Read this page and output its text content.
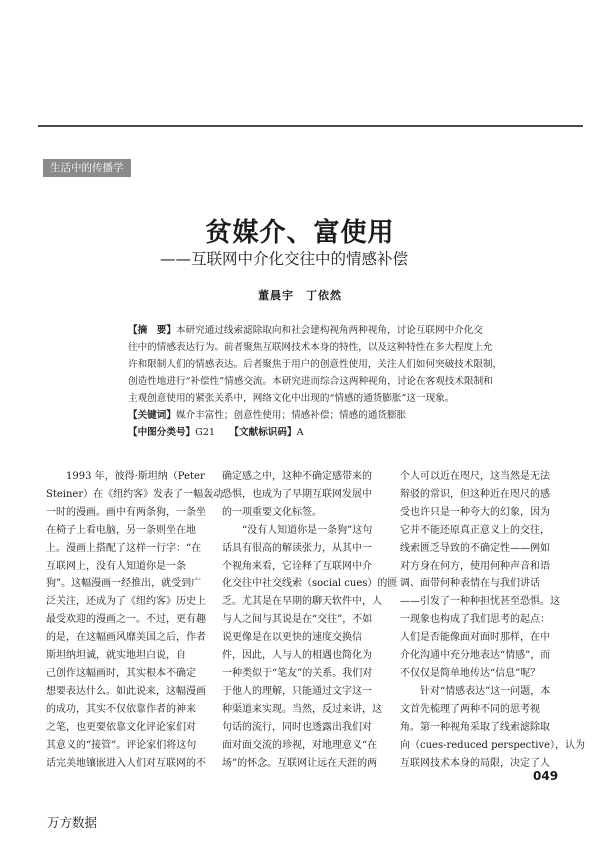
生活中的传播学
贫媒介、富使用
——互联网中介化交往中的情感补偿
董晨宇　丁依然
【摘　要】本研究通过线索滤除取向和社会建构视角两种视角，讨论互联网中介化交
往中的情感表达行为。前者聚焦互联网技术本身的特性，以及这种特性在多大程度上允
许和限制人们的情感表达。后者聚焦于用户的创意性使用，关注人们如何突破技术限制，
创造性地进行“补偿性”情感交流。本研究进而综合这两种视角，讨论在客观技术限制和
主观创意使用的紧张关系中，网络文化中出现的“情感的通货膨胀”这一现象。
【关键词】媒介丰富性；创意性使用；情感补偿；情感的通货膨胀
【中图分类号】G21　　 【文献标识码】A
　　1993 年，彼得·斯坦纳（Peter
Steiner）在《纽约客》发表了一幅轰动
一时的漫画。画中有两条狗，一条坐
在椅子上看电脑，另一条则坐在地
上。漫画上搭配了这样一行字：“在
互联网上，没有人知道你是一条
狗”。这幅漫画一经推出，就受到广
泛关注，还成为了《纽约客》历史上
最受欢迎的漫画之一。不过，更有趣
的是，在这幅画风靡美国之后，作者
斯坦纳坦诚，就实地坦白说，自
己创作这幅画时，其实根本不确定
想要表达什么。如此说来，这幅漫画
的成功，其实不仅依靠作者的神来
之笔，也更要依靠文化评论家们对
其意义的“接管”。评论家们将这句
话完美地镶嵌进入人们对互联网的不
确定感之中，这种不确定感带来的
恐惧，也成为了早期互联网发展中
的一项重要文化标签。
　　“没有人知道你是一条狗”这句
话具有很高的解读张力，从其中一
个视角来看，它诠释了互联网中介
化交往中社交线索（social cues）的匮
乏。尤其是在早期的聊天软件中，人
与人之间与其说是在“交往”，不如
说更像是在以更快的速度交换信
件，因此，人与人的相遇也简化为
一种类似于“笔友”的关系。我们对
于他人的理解，只能通过文字这一
种渠道来实现。当然，反过来讲，这
句话的流行，同时也透露出我们对
面对面交流的珍视，对地理意义“在
场”的怀念。互联网让远在天涯的两
个人可以近在咫尺，这当然是无法
辩驳的常识，但这种近在咫尺的感
受也许只是一种夸大的幻象，因为
它并不能还原真正意义上的交往，
线索匮乏导致的不确定性——例如
对方身在何方，使用何种声音和语
调、面带何种表情在与我们讲话
——引发了一种种担忧甚至恐惧。这
一现象也构成了我们思考的起点：
人们是否能像面对面时那样，在中
介化沟通中充分地表达“情感”，而
不仅仅是简单地传达“信息”呢？
　　针对“情感表达”这一问题，本
文首先梳理了两种不同的思考视
角。第一种视角采取了线索滤除取
向（cues-reduced perspective），认为
互联网技术本身的局限，决定了人
049
万方数据
